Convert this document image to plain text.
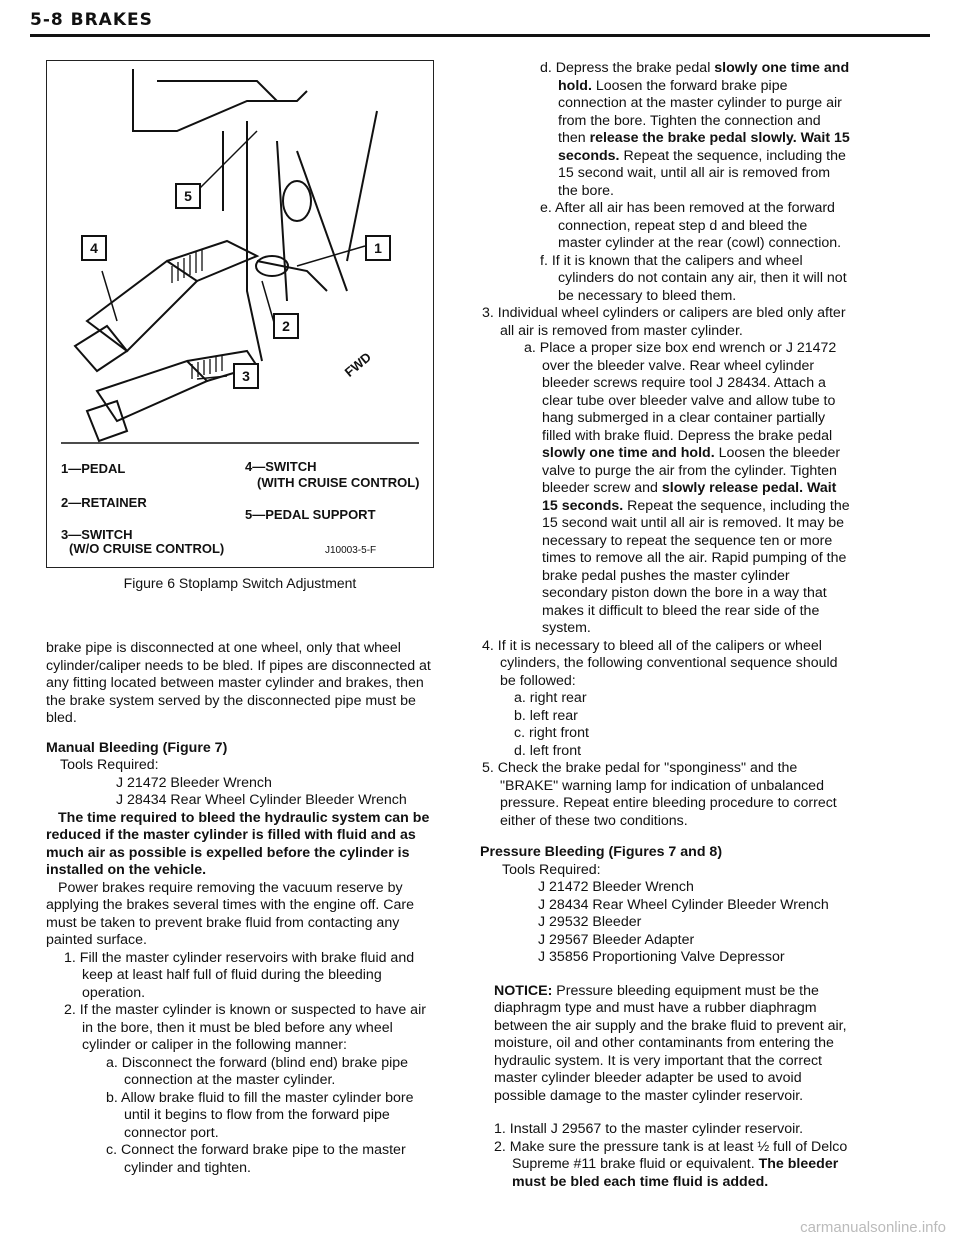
5-8 BRAKES
5
4	1
2
3	FWD
1—PEDAL
2—RETAINER
3—SWITCH
(W/O CRUISE CONTROL)
4—SWITCH
(WITH CRUISE CONTROL)
5—PEDAL SUPPORT
J10003-5-F
Figure 6 Stoplamp Switch Adjustment

brake pipe is disconnected at one wheel, only that wheel cylinder/caliper needs to be bled. If pipes are disconnected at any fitting located between master cylinder and brakes, then the brake system served by the disconnected pipe must be bled.

Manual Bleeding (Figure 7)

Tools Required:

J 21472 Bleeder Wrench

J 28434 Rear Wheel Cylinder Bleeder Wrench

The time required to bleed the hydraulic system can be reduced if the master cylinder is filled with fluid and as much air as possible is expelled before the cylinder is installed on the vehicle.

Power brakes require removing the vacuum reserve by applying the brakes several times with the engine off. Care must be taken to prevent brake fluid from contacting any painted surface.

1. Fill the master cylinder reservoirs with brake fluid and keep at least half full of fluid during the bleeding operation.

2. If the master cylinder is known or suspected to have air in the bore, then it must be bled before any wheel cylinder or caliper in the following manner:

a. Disconnect the forward (blind end) brake pipe connection at the master cylinder.

b. Allow brake fluid to fill the master cylinder bore until it begins to flow from the forward pipe connector port.

c. Connect the forward brake pipe to the master cylinder and tighten.

d. Depress the brake pedal slowly one time and hold. Loosen the forward brake pipe connection at the master cylinder to purge air from the bore. Tighten the connection and then release the brake pedal slowly. Wait 15 seconds. Repeat the sequence, including the 15 second wait, until all air is removed from the bore.

e. After all air has been removed at the forward connection, repeat step d and bleed the master cylinder at the rear (cowl) connection.

f. If it is known that the calipers and wheel cylinders do not contain any air, then it will not be necessary to bleed them.

3. Individual wheel cylinders or calipers are bled only after all air is removed from master cylinder.

a. Place a proper size box end wrench or J 21472 over the bleeder valve. Rear wheel cylinder bleeder screws require tool J 28434. Attach a clear tube over bleeder valve and allow tube to hang submerged in a clear container partially filled with brake fluid. Depress the brake pedal slowly one time and hold. Loosen the bleeder valve to purge the air from the cylinder. Tighten bleeder screw and slowly release pedal. Wait 15 seconds. Repeat the sequence, including the 15 second wait until all air is removed. It may be necessary to repeat the sequence ten or more times to remove all the air. Rapid pumping of the brake pedal pushes the master cylinder secondary piston down the bore in a way that makes it difficult to bleed the rear side of the system.

4. If it is necessary to bleed all of the calipers or wheel cylinders, the following conventional sequence should be followed:

a. right rear

b. left rear

c. right front

d. left front

5. Check the brake pedal for "sponginess" and the "BRAKE" warning lamp for indication of unbalanced pressure. Repeat entire bleeding procedure to correct either of these two conditions.

Pressure Bleeding (Figures 7 and 8)

Tools Required:

J 21472 Bleeder Wrench

J 28434 Rear Wheel Cylinder Bleeder Wrench

J 29532 Bleeder

J 29567 Bleeder Adapter

J 35856 Proportioning Valve Depressor

NOTICE: Pressure bleeding equipment must be the diaphragm type and must have a rubber diaphragm between the air supply and the brake fluid to prevent air, moisture, oil and other contaminants from entering the hydraulic system. It is very important that the correct master cylinder bleeder adapter be used to avoid possible damage to the master cylinder reservoir.

1. Install J 29567 to the master cylinder reservoir.

2. Make sure the pressure tank is at least ½ full of Delco Supreme #11 brake fluid or equivalent. The bleeder must be bled each time fluid is added.

carmanualsonline.info
